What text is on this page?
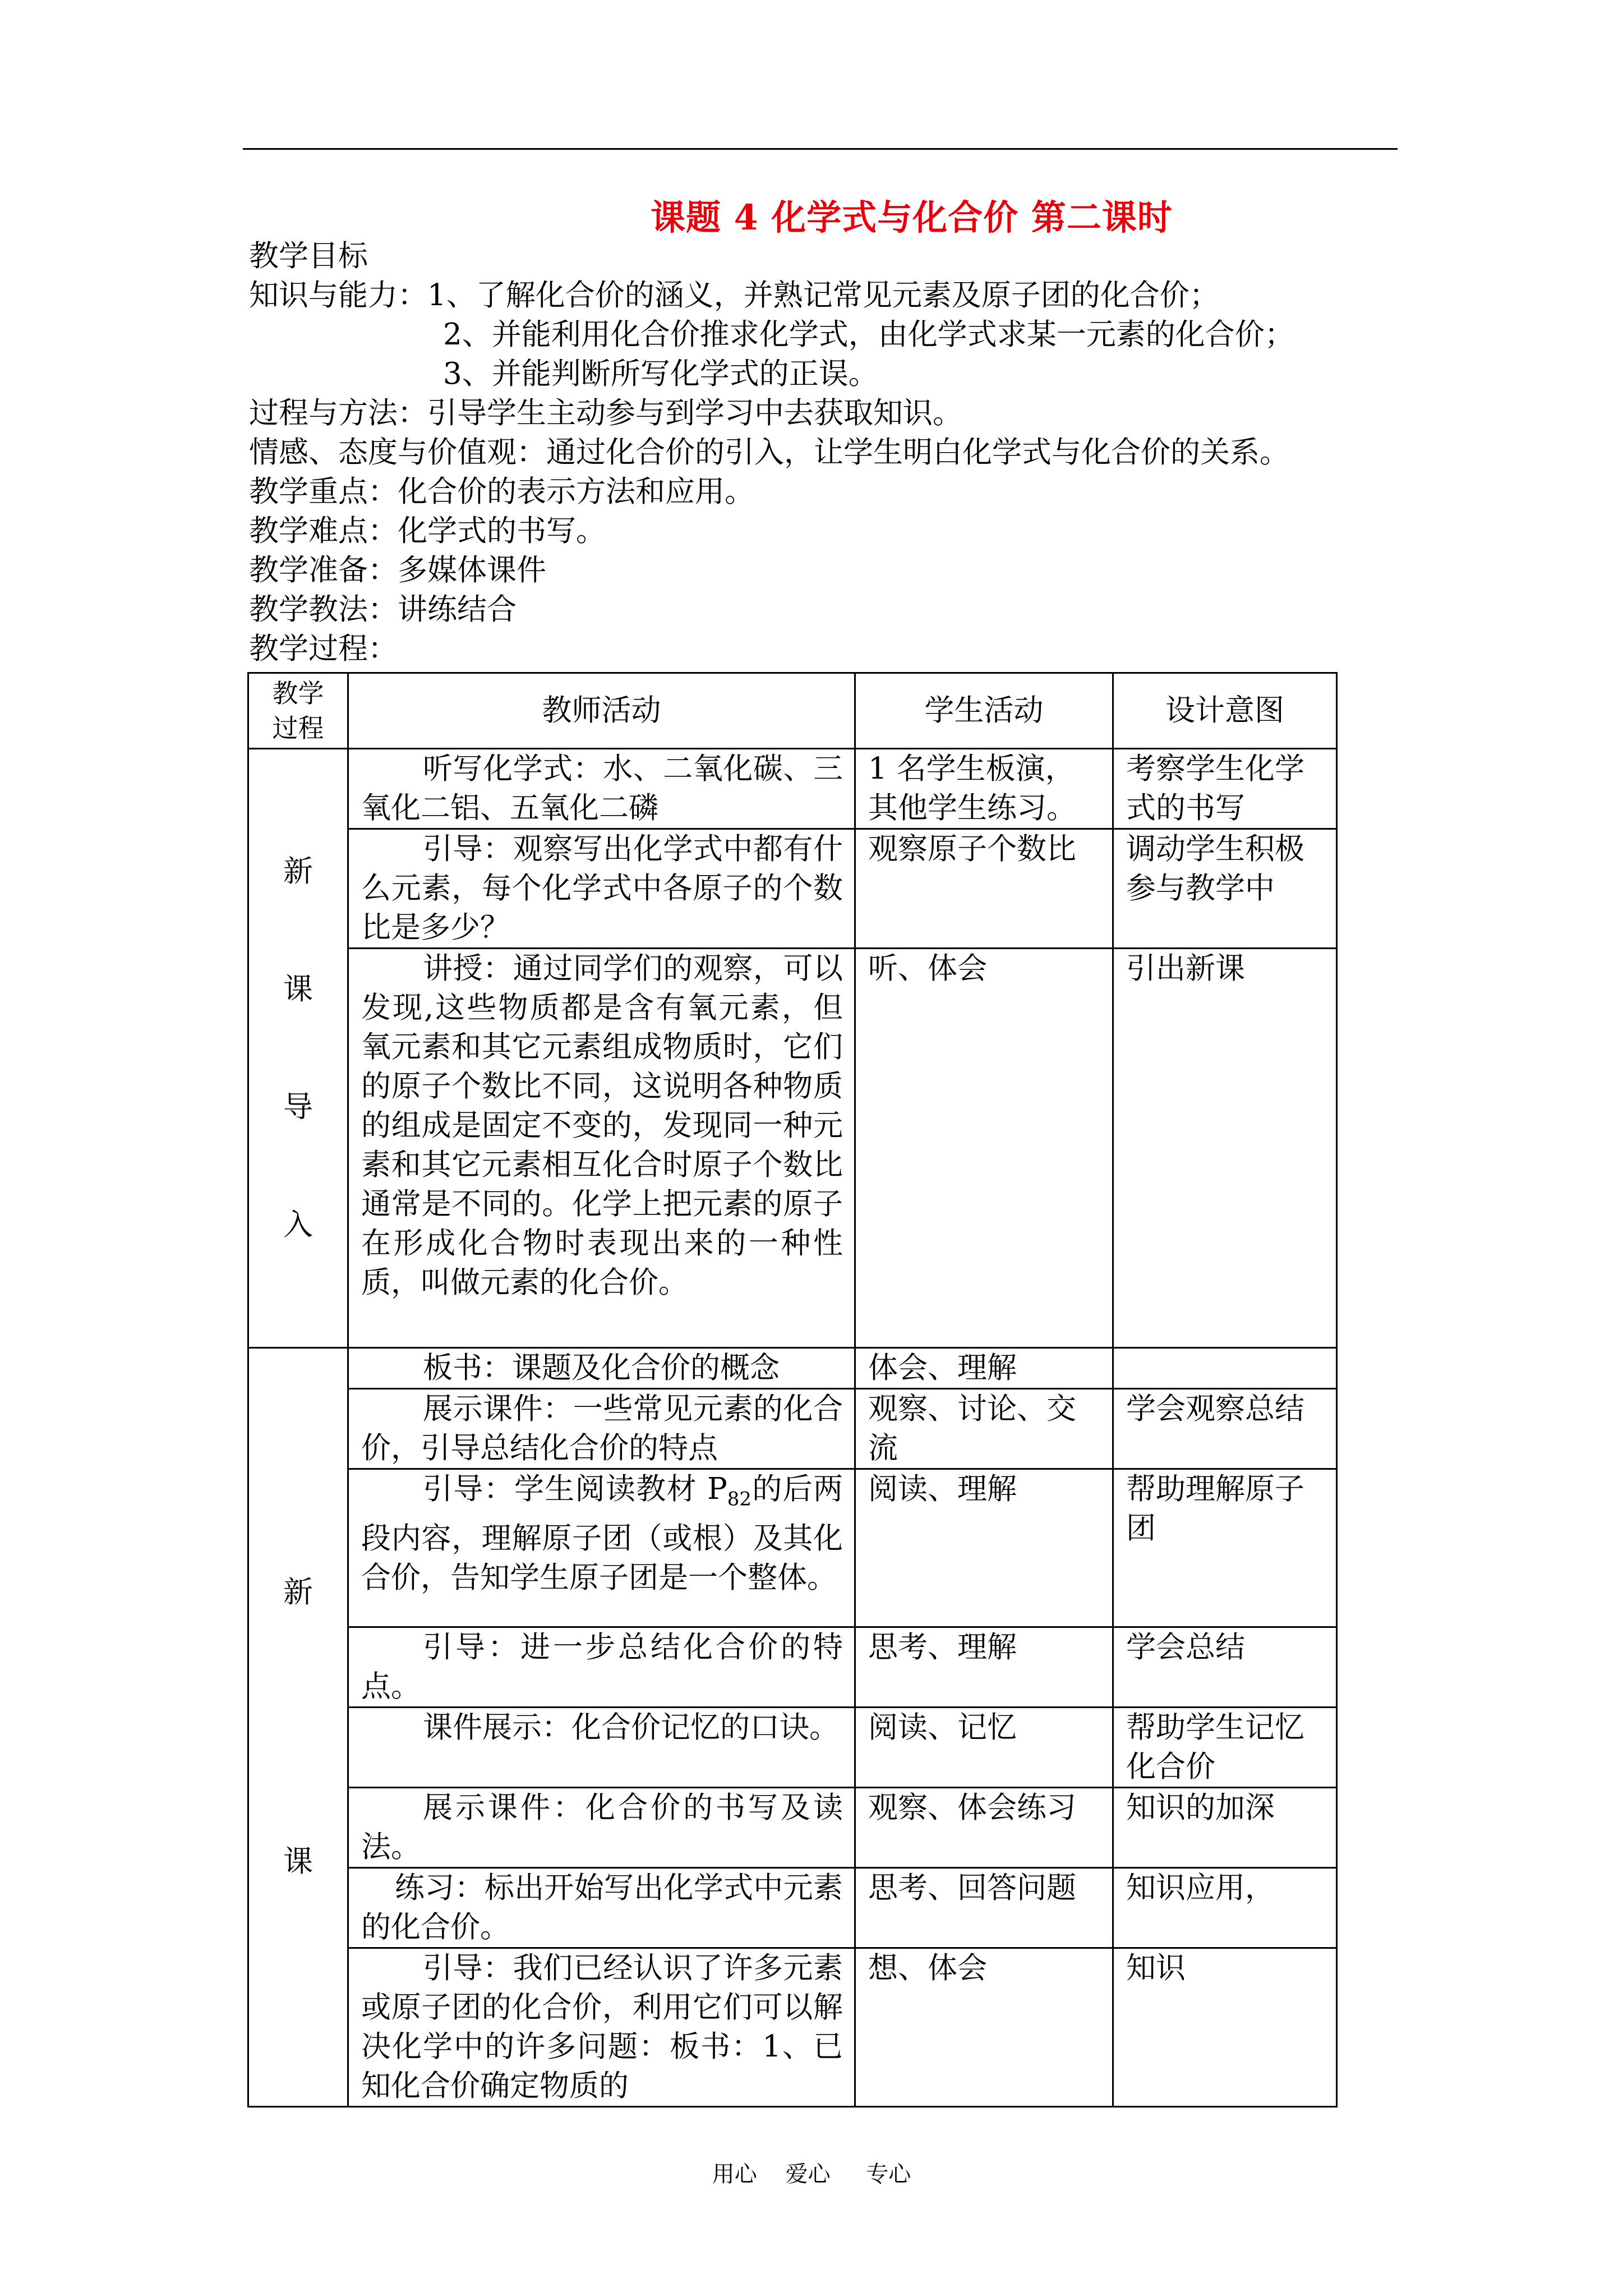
课题 4 化学式与化合价 第二课时
教学目标
知识与能力：1、了解化合价的涵义，并熟记常见元素及原子团的化合价；
2、并能利用化合价推求化学式，由化学式求某一元素的化合价；
3、并能判断所写化学式的正误。
过程与方法：引导学生主动参与到学习中去获取知识。
情感、态度与价值观：通过化合价的引入，让学生明白化学式与化合价的关系。
教学重点：化合价的表示方法和应用。
教学难点：化学式的书写。
教学准备：多媒体课件
教学教法：讲练结合
教学过程：
教学过程	教师活动	学生活动	设计意图

新
课
导
入	听写化学式：水、二氧化碳、三氧化二铝、五氧化二磷	1 名学生板演，其他学生练习。	考察学生化学式的书写
	引导：观察写出化学式中都有什么元素，每个化学式中各原子的个数比是多少？	观察原子个数比	调动学生积极参与教学中
	讲授：通过同学们的观察，可以发现,这些物质都是含有氧元素，但氧元素和其它元素组成物质时，它们的原子个数比不同，这说明各种物质的组成是固定不变的，发现同一种元素和其它元素相互化合时原子个数比通常是不同的。化学上把元素的原子在形成化合物时表现出来的一种性质，叫做元素的化合价。	听、体会	引出新课

新
课	板书：课题及化合价的概念	体会、理解	
	展示课件：一些常见元素的化合价，引导总结化合价的特点	观察、讨论、交流	学会观察总结
	引导：学生阅读教材 $P_{82}$的后两段内容，理解原子团（或根）及其化合价，告知学生原子团是一个整体。	阅读、理解	帮助理解原子团
	引导：进一步总结化合价的特点。	思考、理解	学会总结
	课件展示：化合价记忆的口诀。	阅读、记忆	帮助学生记忆化合价
	展示课件：化合价的书写及读法。	观察、体会练习	知识的加深
	练习：标出开始写出化学式中元素的化合价。	思考、回答问题	知识应用，
	引导：我们已经认识了许多元素或原子团的化合价，利用它们可以解决化学中的许多问题：板书：1、已知化合价确定物质的	想、体会	知识
用心    爱心     专心
